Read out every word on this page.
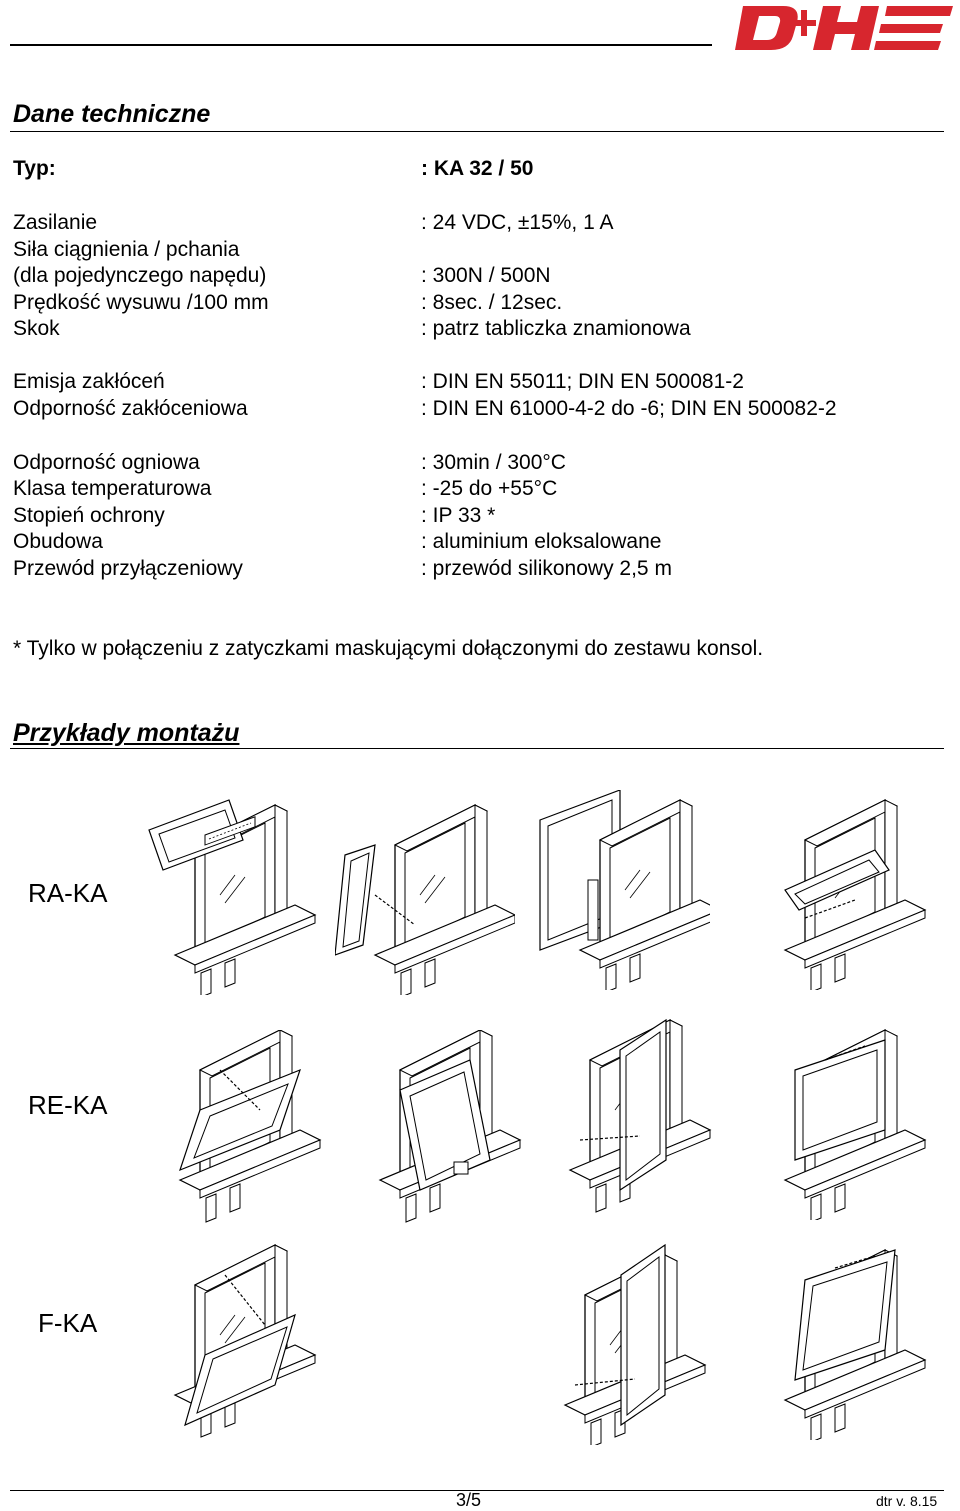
D+HE
Dane techniczne
Typ:	: KA 32 / 50
Zasilanie	: 24 VDC, ±15%, 1 A
Siła ciągnienia / pchania
(dla pojedynczego napędu)	: 300N / 500N
Prędkość wysuwu /100 mm	: 8sec. / 12sec.
Skok	: patrz tabliczka znamionowa
Emisja zakłóceń	: DIN EN 55011; DIN EN 500081-2
Odporność zakłóceniowa	: DIN EN 61000-4-2 do -6; DIN EN 500082-2
Odporność ogniowa	: 30min / 300°C
Klasa temperaturowa	: -25 do +55°C
Stopień ochrony	: IP 33 *
Obudowa	: aluminium eloksalowane
Przewód przyłączeniowy	: przewód silikonowy 2,5 m
* Tylko w połączeniu z zatyczkami maskującymi dołączonymi do zestawu konsol.
Przykłady montażu
RA-KA
RE-KA
F-KA
3/5	dtr v. 8.15
